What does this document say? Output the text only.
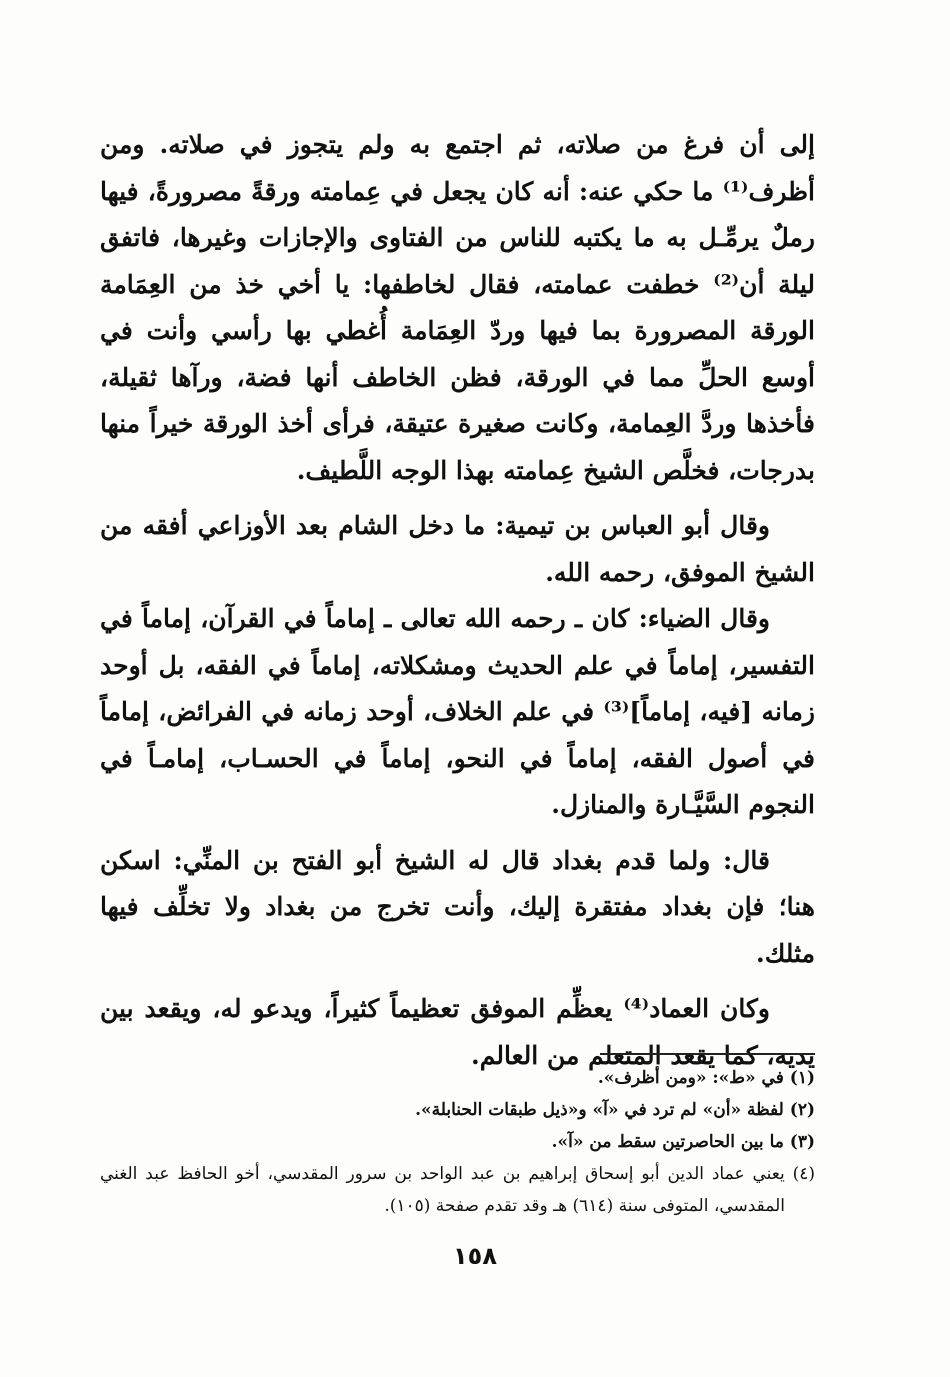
إلى أن فرغ من صلاته، ثم اجتمع به ولم يتجوز في صلاته. ومن أظرف⁽¹⁾ ما حكي عنه: أنه كان يجعل في عِمامته ورقةً مصرورةً، فيها رملٌ يرمِّـل به ما يكتبه للناس من الفتاوى والإجازات وغيرها، فاتفق ليلة أن⁽²⁾ خطفت عمامته، فقال لخاطفها: يا أخي خذ من العِمَامة الورقة المصرورة بما فيها وردّ العِمَامة أُغطي بها رأسي وأنت في أوسع الحلِّ مما في الورقة، فظن الخاطف أنها فضة، ورآها ثقيلة، فأخذها وردَّ العِمامة، وكانت صغيرة عتيقة، فرأى أخذ الورقة خيراً منها بدرجات، فخلَّص الشيخ عِمامته بهذا الوجه اللَّطيف.

وقال أبو العباس بن تيمية: ما دخل الشام بعد الأوزاعي أفقه من الشيخ الموفق، رحمه الله.

وقال الضياء: كان ـ رحمه الله تعالى ـ إماماً في القرآن، إماماً في التفسير، إماماً في علم الحديث ومشكلاته، إماماً في الفقه، بل أوحد زمانه [فيه، إماماً]⁽³⁾ في علم الخلاف، أوحد زمانه في الفرائض، إماماً في أصول الفقه، إماماً في النحو، إماماً في الحسـاب، إمامـاً في النجوم السَّيَّـارة والمنازل.

قال: ولما قدم بغداد قال له الشيخ أبو الفتح بن المنِّي: اسكن هنا؛ فإن بغداد مفتقرة إليك، وأنت تخرج من بغداد ولا تخلِّف فيها مثلك.

وكان العماد⁽⁴⁾ يعظِّم الموفق تعظيماً كثيراً، ويدعو له، ويقعد بين يديه، كما يقعد المتعلم من العالم.

(١) في «ط»: «ومن أظرف».

(٢) لفظة «أن» لم ترد في «آ» و«ذيل طبقات الحنابلة».

(٣) ما بين الحاصرتين سقط من «آ».

(٤) يعني عماد الدين أبو إسحاق إبراهيم بن عبد الواحد بن سرور المقدسي، أخو الحافظ عبد الغني المقدسي، المتوفى سنة (٦١٤) هـ وقد تقدم صفحة (١٠٥).

١٥٨
